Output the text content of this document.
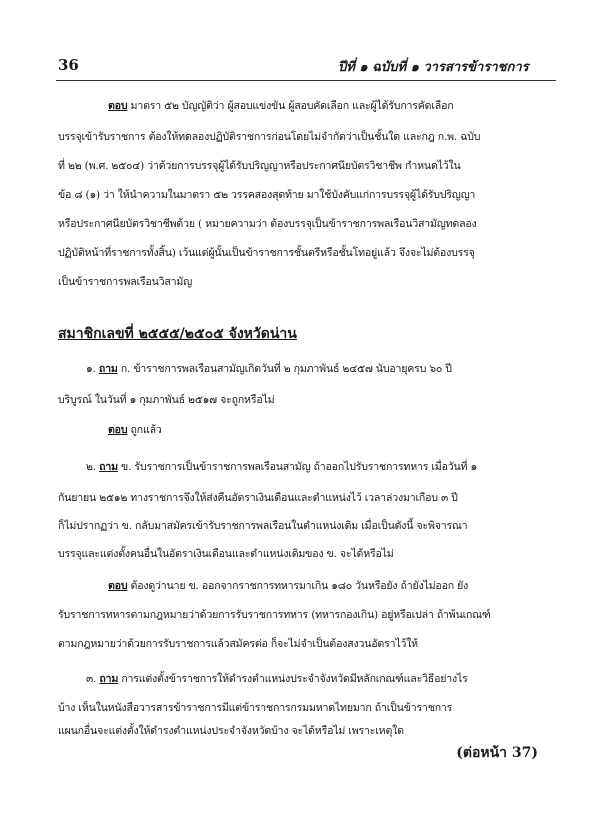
36	ปีที่ ๑ ฉบับที่ ๑ วารสารข้าราชการ
ตอบ มาตรา ๕๒ บัญญัติว่า ผู้สอบแข่งขัน ผู้สอบคัดเลือก และผู้ได้รับการคัดเลือก
บรรจุเข้ารับราชการ ต้องให้ทดลองปฏิบัติราชการก่อนโดยไม่จำกัดว่าเป็นชั้นใด และกฎ ก.พ. ฉบับ
ที่ ๒๒ (พ.ศ. ๒๕๐๔) ว่าด้วยการบรรจุผู้ได้รับปริญญาหรือประกาศนียบัตรวิชาชีพ กำหนดไว้ใน
ข้อ ๘ (๑) ว่า ให้นำความในมาตรา ๕๒ วรรคสองสุดท้าย มาใช้บังคับแก่การบรรจุผู้ได้รับปริญญา
หรือประกาศนียบัตรวิชาชีพด้วย ( หมายความว่า ต้องบรรจุเป็นข้าราชการพลเรือนวิสามัญทดลอง
ปฏิบัติหน้าที่ราชการทั้งสิ้น) เว้นแต่ผู้นั้นเป็นข้าราชการชั้นตรีหรือชั้นโทอยู่แล้ว จึงจะไม่ต้องบรรจุ
เป็นข้าราชการพลเรือนวิสามัญ
สมาชิกเลขที่ ๒๕๕๕/๒๕๐๕ จังหวัดน่าน
๑. ถาม ก. ข้าราชการพลเรือนสามัญเกิดวันที่ ๒ กุมภาพันธ์ ๒๔๕๗ นับอายุครบ ๖๐ ปี
บริบูรณ์ ในวันที่ ๑ กุมภาพันธ์ ๒๕๑๗ จะถูกหรือไม่
ตอบ ถูกแล้ว
๒. ถาม ข. รับราชการเป็นข้าราชการพลเรือนสามัญ ถ้าออกไปรับราชการทหาร เมื่อวันที่ ๑
กันยายน ๒๕๑๒ ทางราชการจึงให้ส่งคืนอัตราเงินเดือนและตำแหน่งไว้ เวลาล่วงมาเกือบ ๓ ปี
ก็ไม่ปรากฏว่า ข. กลับมาสมัครเข้ารับราชการพลเรือนในตำแหน่งเดิม เมื่อเป็นดังนี้ จะพิจารณา
บรรจุและแต่งตั้งคนอื่นในอัตราเงินเดือนและตำแหน่งเดิมของ ข. จะได้หรือไม่
ตอบ ต้องดูว่านาย ข. ออกจากราชการทหารมาเกิน ๑๘๐ วันหรือยัง ถ้ายังไม่ออก ยัง
รับราชการทหารตามกฎหมายว่าด้วยการรับราชการทหาร (ทหารกองเกิน) อยู่หรือเปล่า ถ้าพ้นเกณฑ์
ตามกฎหมายว่าด้วยการรับราชการแล้วสมัครต่อ ก็จะไม่จำเป็นต้องสงวนอัตราไว้ให้
๓. ถาม การแต่งตั้งข้าราชการให้ดำรงตำแหน่งประจำจังหวัดมีหลักเกณฑ์และวิธีอย่างไร
บ้าง เห็นในหนังสือวารสารข้าราชการมีแต่ข้าราชการกรมมหาดไทยมาก ถ้าเป็นข้าราชการ
แผนกอื่นจะแต่งตั้งให้ดำรงตำแหน่งประจำจังหวัดบ้าง จะได้หรือไม่ เพราะเหตุใด
(ต่อหน้า 37)
